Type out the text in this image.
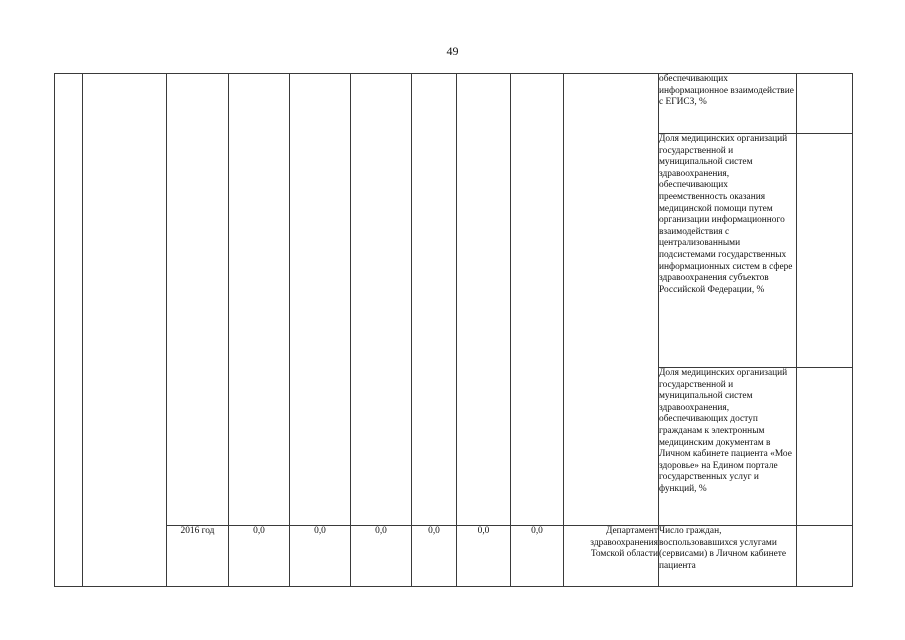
49
										обеспечивающих информационное взаимодействие с ЕГИСЗ, %	
										Доля медицинских организаций государственной и муниципальной систем здравоохранения, обеспечивающих преемственность оказания медицинской помощи путем организации информационного взаимодействия с централизованными подсистемами государственных информационных систем в сфере здравоохранения субъектов Российской Федерации, %	
										Доля медицинских организаций государственной и муниципальной систем здравоохранения, обеспечивающих доступ гражданам к электронным медицинским документам в Личном кабинете пациента «Мое здоровье» на Едином портале государственных услуг и функций, %	
		2016 год	0,0	0,0	0,0	0,0	0,0	0,0	Департамент здравоохранения Томской области	Число граждан, воспользовавшихся услугами (сервисами) в Личном кабинете пациента	
